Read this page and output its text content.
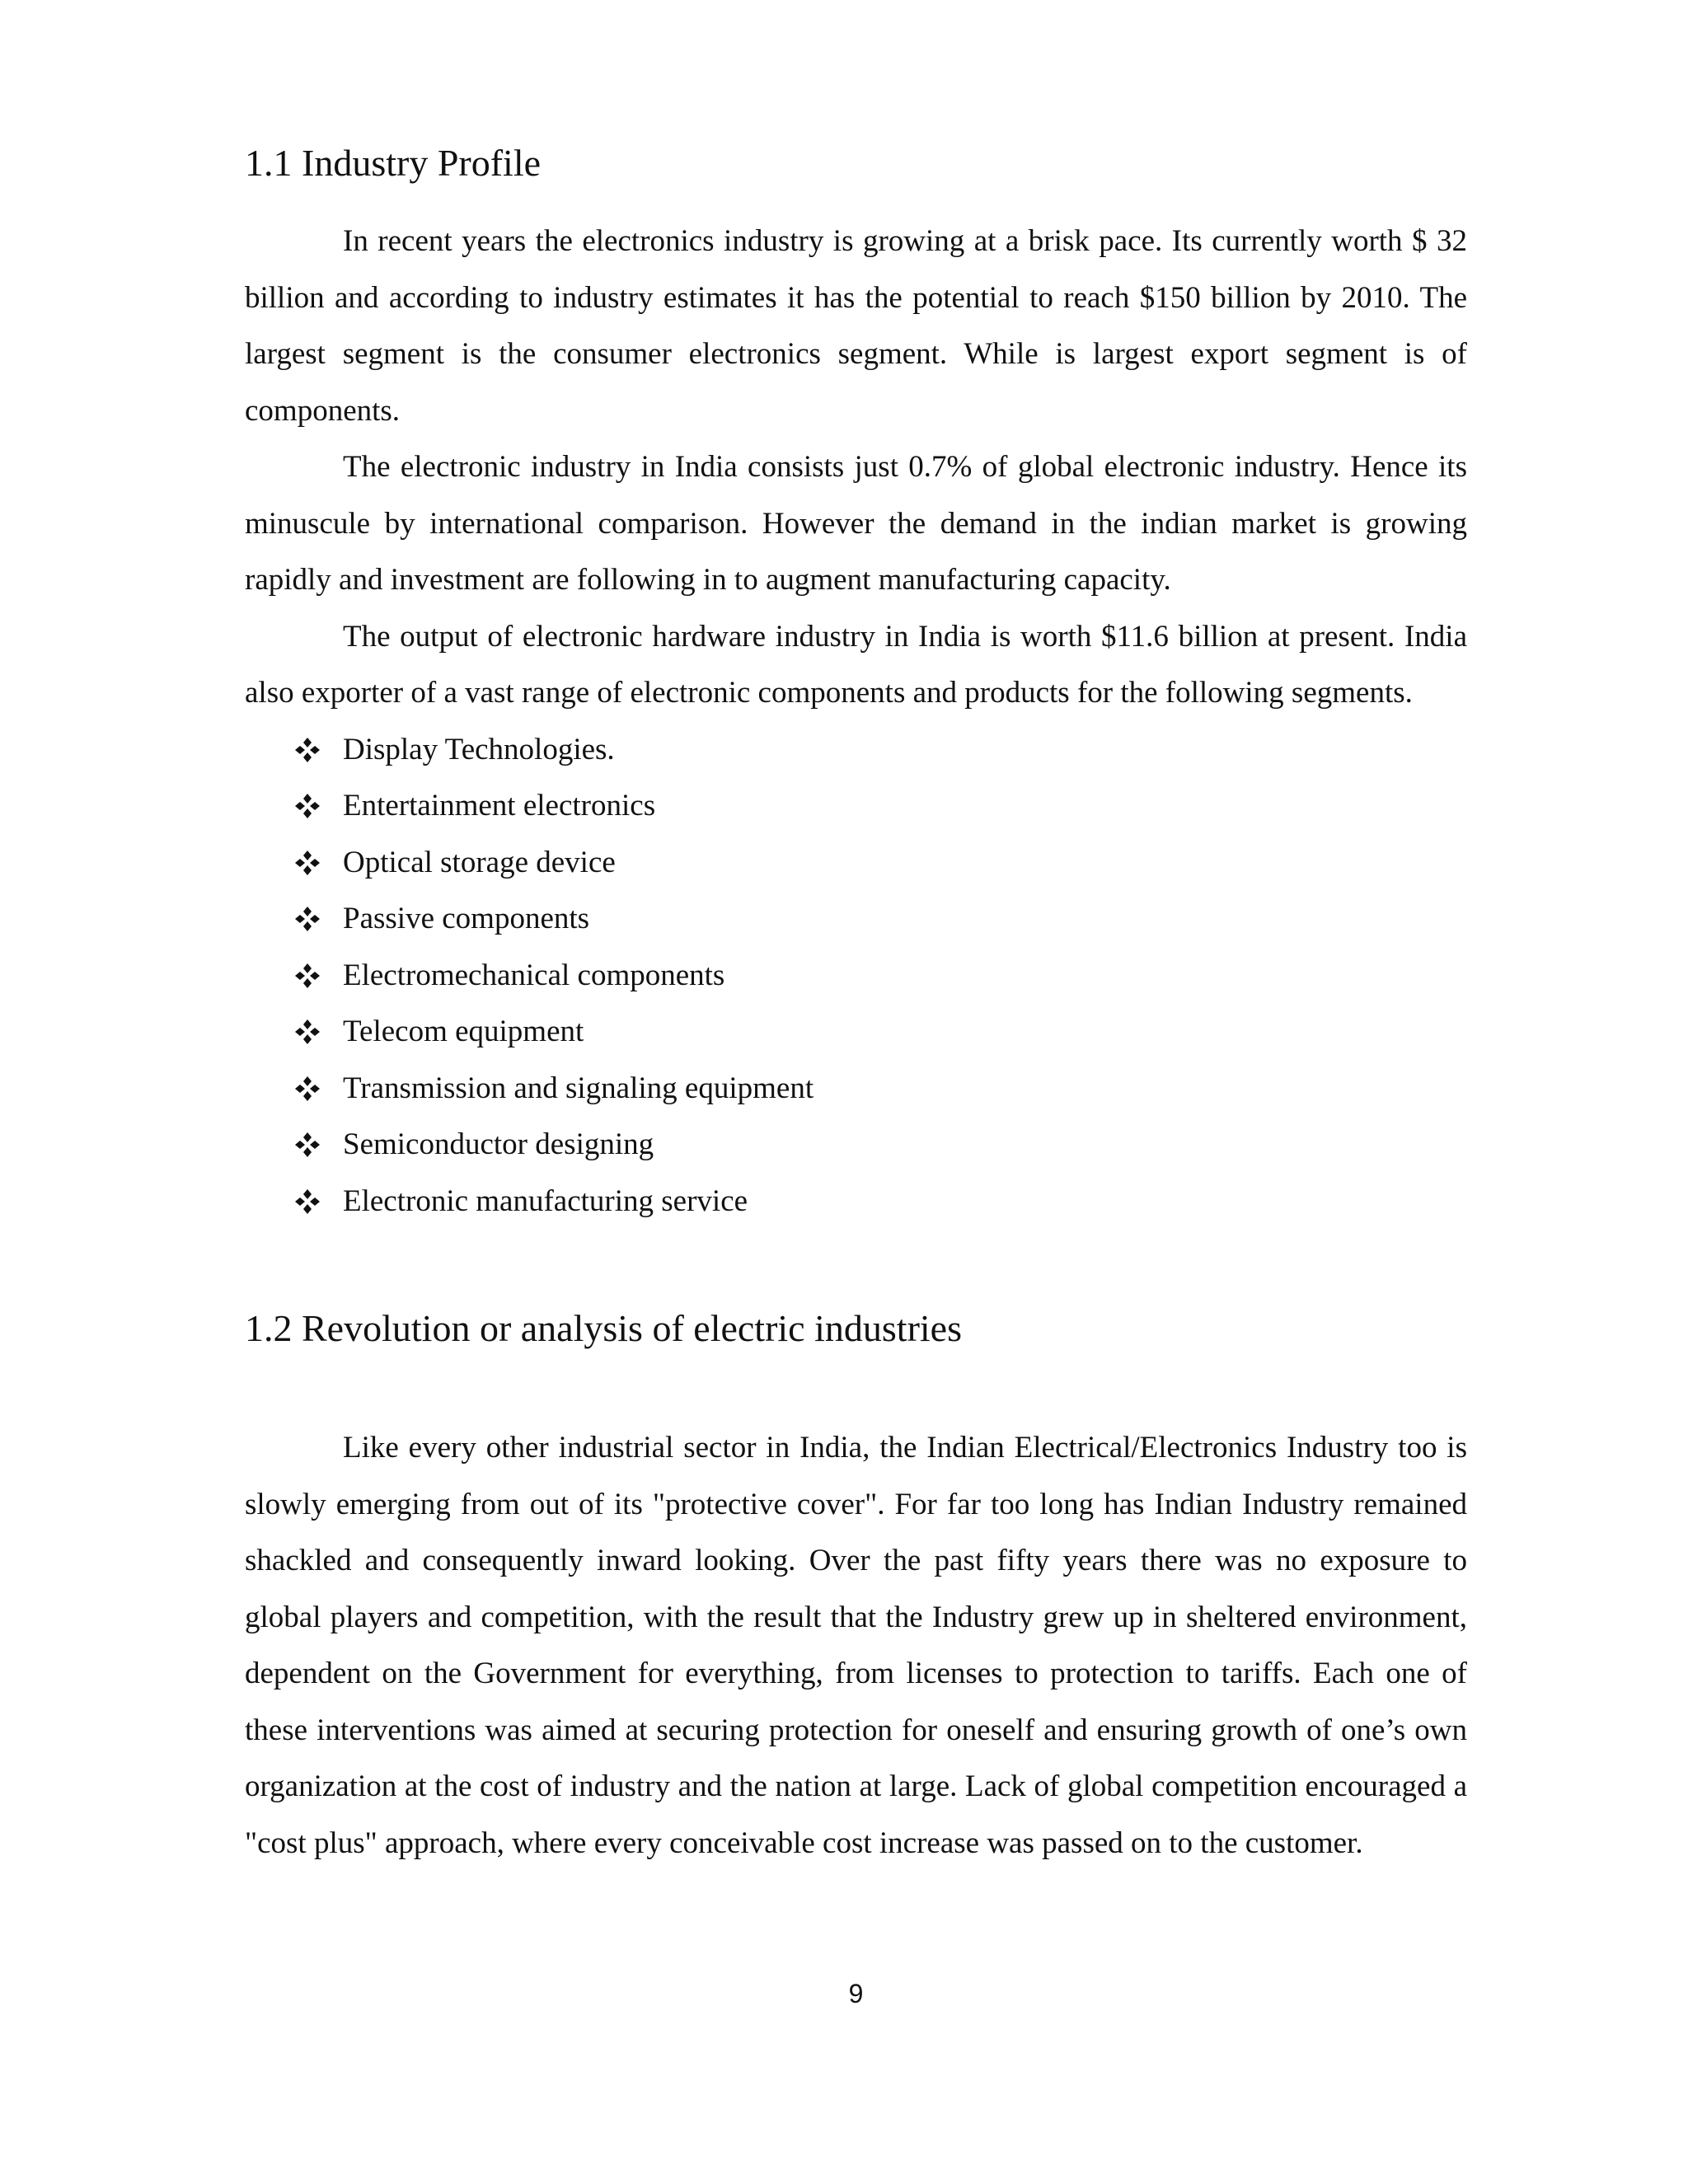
1.1 Industry Profile

In recent years the electronics industry is growing at a brisk pace. Its currently worth $ 32 billion and according to industry estimates it has the potential to reach $150 billion by 2010. The largest segment is the consumer electronics segment. While is largest export segment is of components.

The electronic industry in India consists just 0.7% of global electronic industry. Hence its minuscule by international comparison. However the demand in the indian market is growing rapidly and investment are following in to augment manufacturing capacity.

The output of electronic hardware industry in India is worth $11.6 billion at present. India also exporter of a vast range of electronic components and products for the following segments.

Display Technologies.
Entertainment electronics
Optical storage device
Passive components
Electromechanical components
Telecom equipment
Transmission and signaling equipment
Semiconductor designing
Electronic manufacturing service
1.2 Revolution or analysis of electric industries

Like every other industrial sector in India, the Indian Electrical/Electronics Industry too is slowly emerging from out of its "protective cover". For far too long has Indian Industry remained shackled and consequently inward looking. Over the past fifty years there was no exposure to global players and competition, with the result that the Industry grew up in sheltered environment, dependent on the Government for everything, from licenses to protection to tariffs. Each one of these interventions was aimed at securing protection for oneself and ensuring growth of one’s own organization at the cost of industry and the nation at large. Lack of global competition encouraged a "cost plus" approach, where every conceivable cost increase was passed on to the customer.

9
